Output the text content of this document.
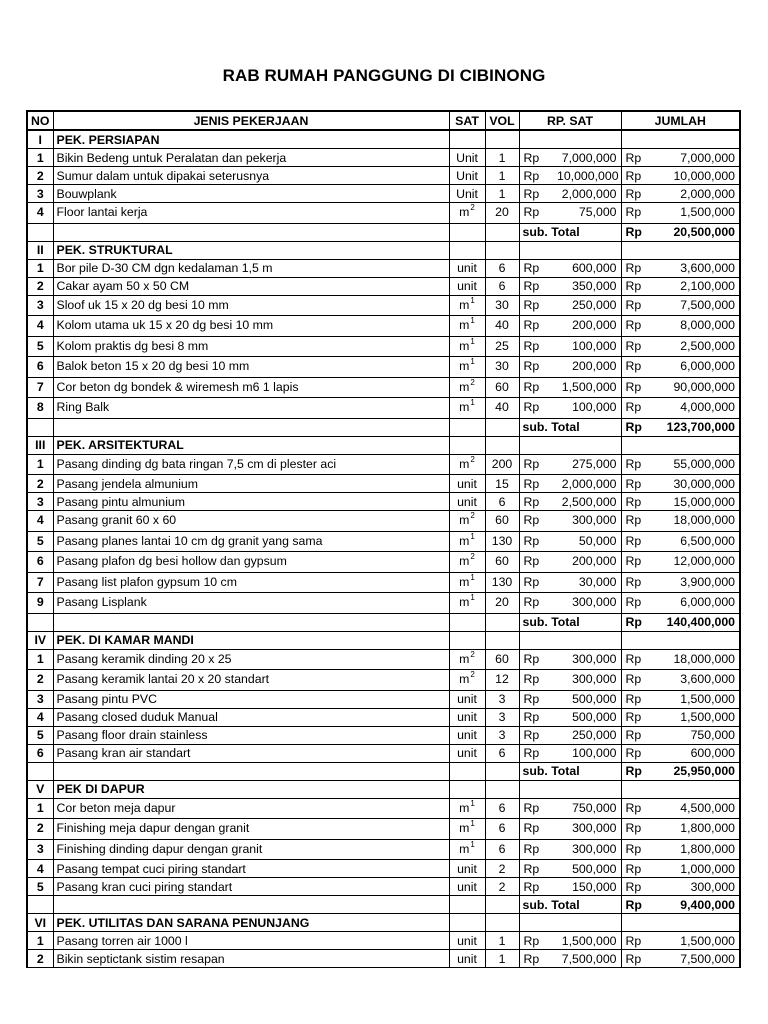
RAB RUMAH PANGGUNG DI CIBINONG
NO	JENIS PEKERJAAN	SAT	VOL	RP. SAT		JUMLAH	
I	PEK. PERSIAPAN						
1	Bikin Bedeng untuk Peralatan dan pekerja	Unit	1	Rp	7,000,000	Rp	7,000,000
2	Sumur dalam untuk dipakai seterusnya	Unit	1	Rp	10,000,000	Rp	10,000,000
3	Bouwplank	Unit	1	Rp	2,000,000	Rp	2,000,000
4	Floor lantai kerja	$m^2$	20	Rp	75,000	Rp	1,500,000
				sub. Total		Rp	20,500,000
II	PEK. STRUKTURAL						
1	Bor pile D-30 CM dgn kedalaman 1,5 m	unit	6	Rp	600,000	Rp	3,600,000
2	Cakar ayam 50 x 50 CM	unit	6	Rp	350,000	Rp	2,100,000
3	Sloof uk 15 x 20 dg besi 10 mm	$m^1$	30	Rp	250,000	Rp	7,500,000
4	Kolom utama uk 15 x 20 dg besi 10 mm	$m^1$	40	Rp	200,000	Rp	8,000,000
5	Kolom praktis dg besi 8 mm	$m^1$	25	Rp	100,000	Rp	2,500,000
6	Balok beton 15 x 20 dg besi 10 mm	$m^1$	30	Rp	200,000	Rp	6,000,000
7	Cor beton dg bondek & wiremesh m6 1 lapis	$m^2$	60	Rp	1,500,000	Rp	90,000,000
8	Ring Balk	$m^1$	40	Rp	100,000	Rp	4,000,000
				sub. Total		Rp	123,700,000
III	PEK. ARSITEKTURAL						
1	Pasang dinding dg bata ringan 7,5 cm di plester aci	$m^2$	200	Rp	275,000	Rp	55,000,000
2	Pasang jendela almunium	unit	15	Rp	2,000,000	Rp	30,000,000
3	Pasang pintu almunium	unit	6	Rp	2,500,000	Rp	15,000,000
4	Pasang granit 60 x 60	$m^2$	60	Rp	300,000	Rp	18,000,000
5	Pasang planes lantai 10 cm dg granit yang sama	$m^1$	130	Rp	50,000	Rp	6,500,000
6	Pasang plafon dg besi hollow dan gypsum	$m^2$	60	Rp	200,000	Rp	12,000,000
7	Pasang list plafon gypsum 10 cm	$m^1$	130	Rp	30,000	Rp	3,900,000
9	Pasang Lisplank	$m^1$	20	Rp	300,000	Rp	6,000,000
				sub. Total		Rp	140,400,000
IV	PEK. DI KAMAR MANDI						
1	Pasang keramik dinding 20 x 25	$m^2$	60	Rp	300,000	Rp	18,000,000
2	Pasang keramik lantai 20 x 20 standart	$m^2$	12	Rp	300,000	Rp	3,600,000
3	Pasang pintu PVC	unit	3	Rp	500,000	Rp	1,500,000
4	Pasang closed duduk Manual	unit	3	Rp	500,000	Rp	1,500,000
5	Pasang floor drain stainless	unit	3	Rp	250,000	Rp	750,000
6	Pasang kran air standart	unit	6	Rp	100,000	Rp	600,000
				sub. Total		Rp	25,950,000
V	PEK DI DAPUR						
1	Cor beton meja dapur	$m^1$	6	Rp	750,000	Rp	4,500,000
2	Finishing meja dapur dengan granit	$m^1$	6	Rp	300,000	Rp	1,800,000
3	Finishing dinding dapur dengan granit	$m^1$	6	Rp	300,000	Rp	1,800,000
4	Pasang tempat cuci piring standart	unit	2	Rp	500,000	Rp	1,000,000
5	Pasang kran cuci piring standart	unit	2	Rp	150,000	Rp	300,000
				sub. Total		Rp	9,400,000
VI	PEK. UTILITAS DAN SARANA PENUNJANG						
1	Pasang torren air 1000 l	unit	1	Rp	1,500,000	Rp	1,500,000
2	Bikin septictank sistim resapan	unit	1	Rp	7,500,000	Rp	7,500,000
